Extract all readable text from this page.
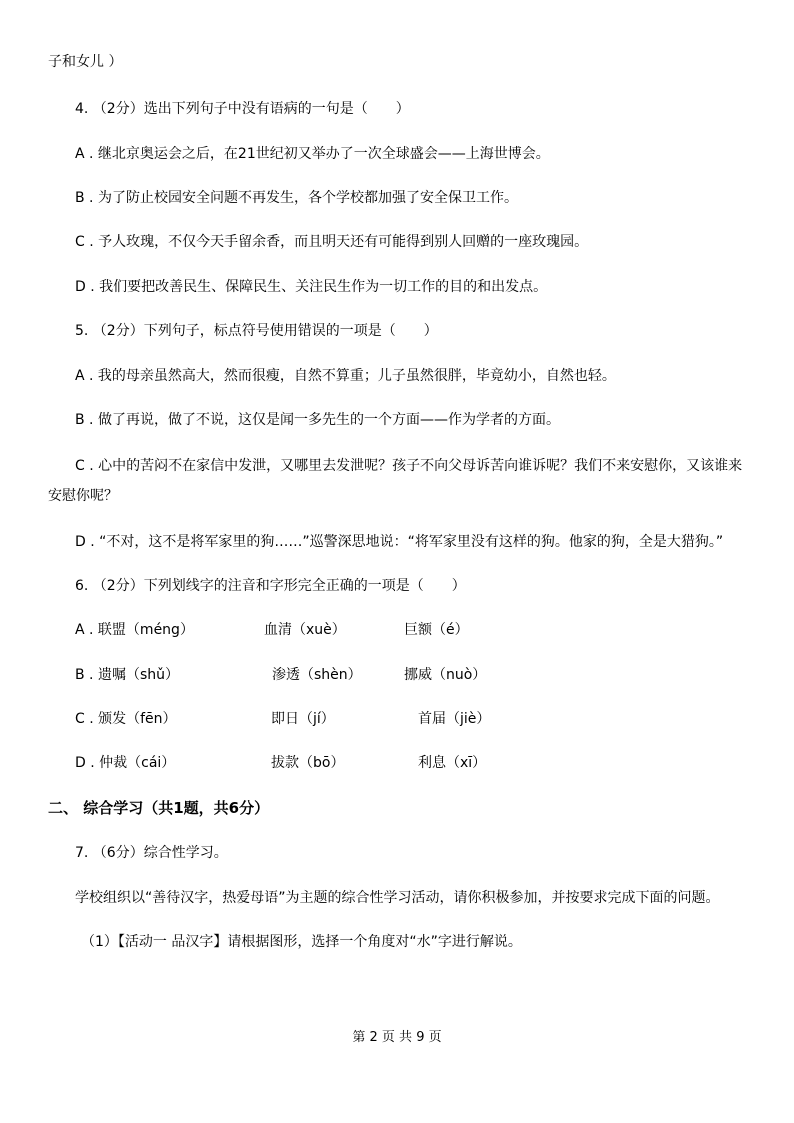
子和女儿 ）
4. （2分）选出下列句子中没有语病的一句是（　　）
A . 继北京奥运会之后，在21世纪初又举办了一次全球盛会——上海世博会。
B . 为了防止校园安全问题不再发生，各个学校都加强了安全保卫工作。
C . 予人玫瑰，不仅今天手留余香，而且明天还有可能得到别人回赠的一座玫瑰园。
D . 我们要把改善民生、保障民生、关注民生作为一切工作的目的和出发点。
5. （2分）下列句子，标点符号使用错误的一项是（　　）
A . 我的母亲虽然高大，然而很瘦，自然不算重；儿子虽然很胖，毕竟幼小，自然也轻。
B . 做了再说，做了不说，这仅是闻一多先生的一个方面——作为学者的方面。
C . 心中的苦闷不在家信中发泄，又哪里去发泄呢？孩子不向父母诉苦向谁诉呢？我们不来安慰你，又该谁来安慰你呢？
D . “不对，这不是将军家里的狗……”巡警深思地说：“将军家里没有这样的狗。他家的狗，全是大猎狗。”
6. （2分）下列划线字的注音和字形完全正确的一项是（　　）
A . 联盟（méng）	血清（xuè）	巨额（é）
B . 遗嘱（shǔ）	渗透（shèn）	挪威（nuò）
C . 颁发（fēn）	即日（jí）	首届（jiè）
D . 仲裁（cái）	拔款（bō）	利息（xī）
二、 综合学习（共1题，共6分）
7. （6分）综合性学习。
学校组织以“善待汉字，热爱母语”为主题的综合性学习活动，请你积极参加，并按要求完成下面的问题。
（1）【活动一 品汉字】请根据图形，选择一个角度对“水”字进行解说。
第 2 页 共 9 页
